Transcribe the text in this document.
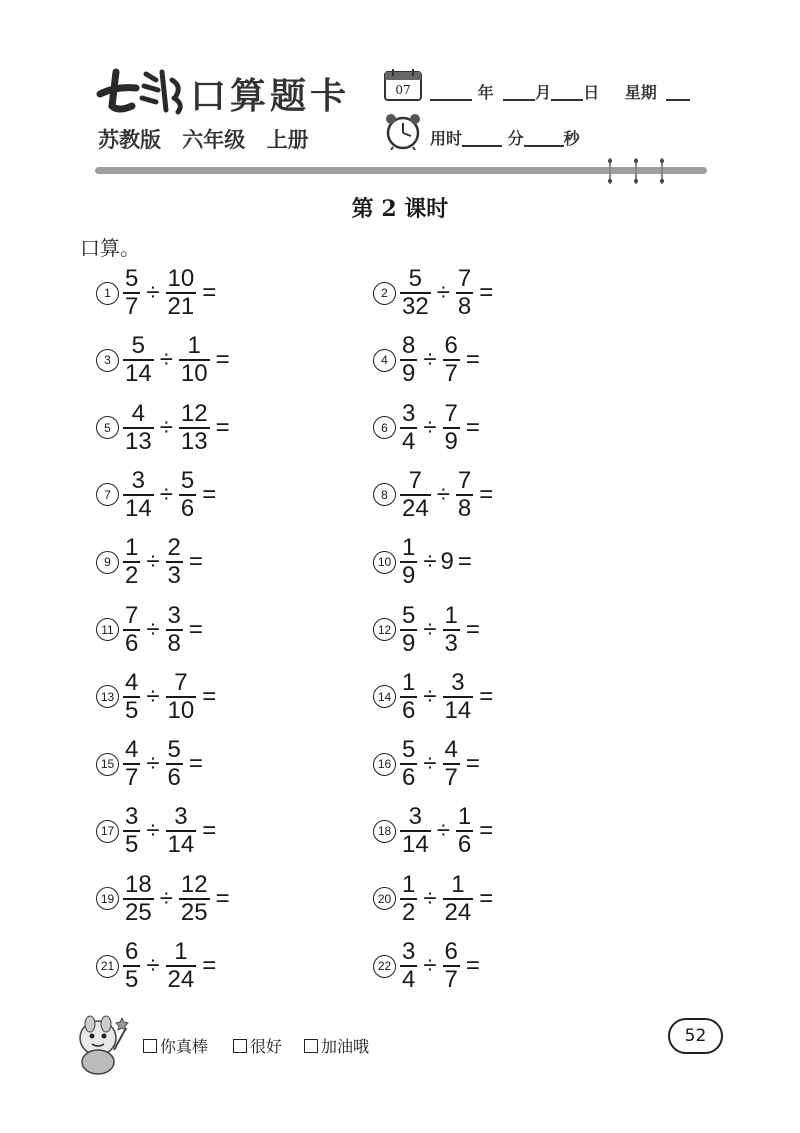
七彩 口算题卡
苏教版 六年级 上册
07	年	月 日 星期
用时	分	秒
第 2 课时
口算。
$1 \frac{5}{7} \div \frac{10}{21}$ =	$2 \frac{5}{32} \div \frac{7}{8}$ =
$3 \frac{5}{14} \div \frac{1}{10}$ =	$4 \frac{8}{9} \div \frac{6}{7}$ =
$5 \frac{4}{13} \div \frac{12}{13}$ =	$6 \frac{3}{4} \div \frac{7}{9}$ =
$7 \frac{3}{14} \div \frac{5}{6}$ =	$8 \frac{7}{24} \div \frac{7}{8}$ =
$9 \frac{1}{2} \div \frac{2}{3}$ =	$10 \frac{1}{9} \div 9$ =
$11 \frac{7}{6} \div \frac{3}{8}$ =	$12 \frac{5}{9} \div \frac{1}{3}$ =
$13 \frac{4}{5} \div \frac{7}{10}$ =	$14 \frac{1}{6} \div \frac{3}{14}$ =
$15 \frac{4}{7} \div \frac{5}{6}$ =	$16 \frac{5}{6} \div \frac{4}{7}$ =
$17 \frac{3}{5} \div \frac{3}{14}$ =	$18 \frac{3}{14} \div \frac{1}{6}$ =
$19 \frac{18}{25} \div \frac{12}{25}$ =	$20 \frac{1}{2} \div \frac{1}{24}$ =
$21 \frac{6}{5} \div \frac{1}{24}$ =	$22 \frac{3}{4} \div \frac{6}{7}$ =
你真棒	很好 加油哦
52
